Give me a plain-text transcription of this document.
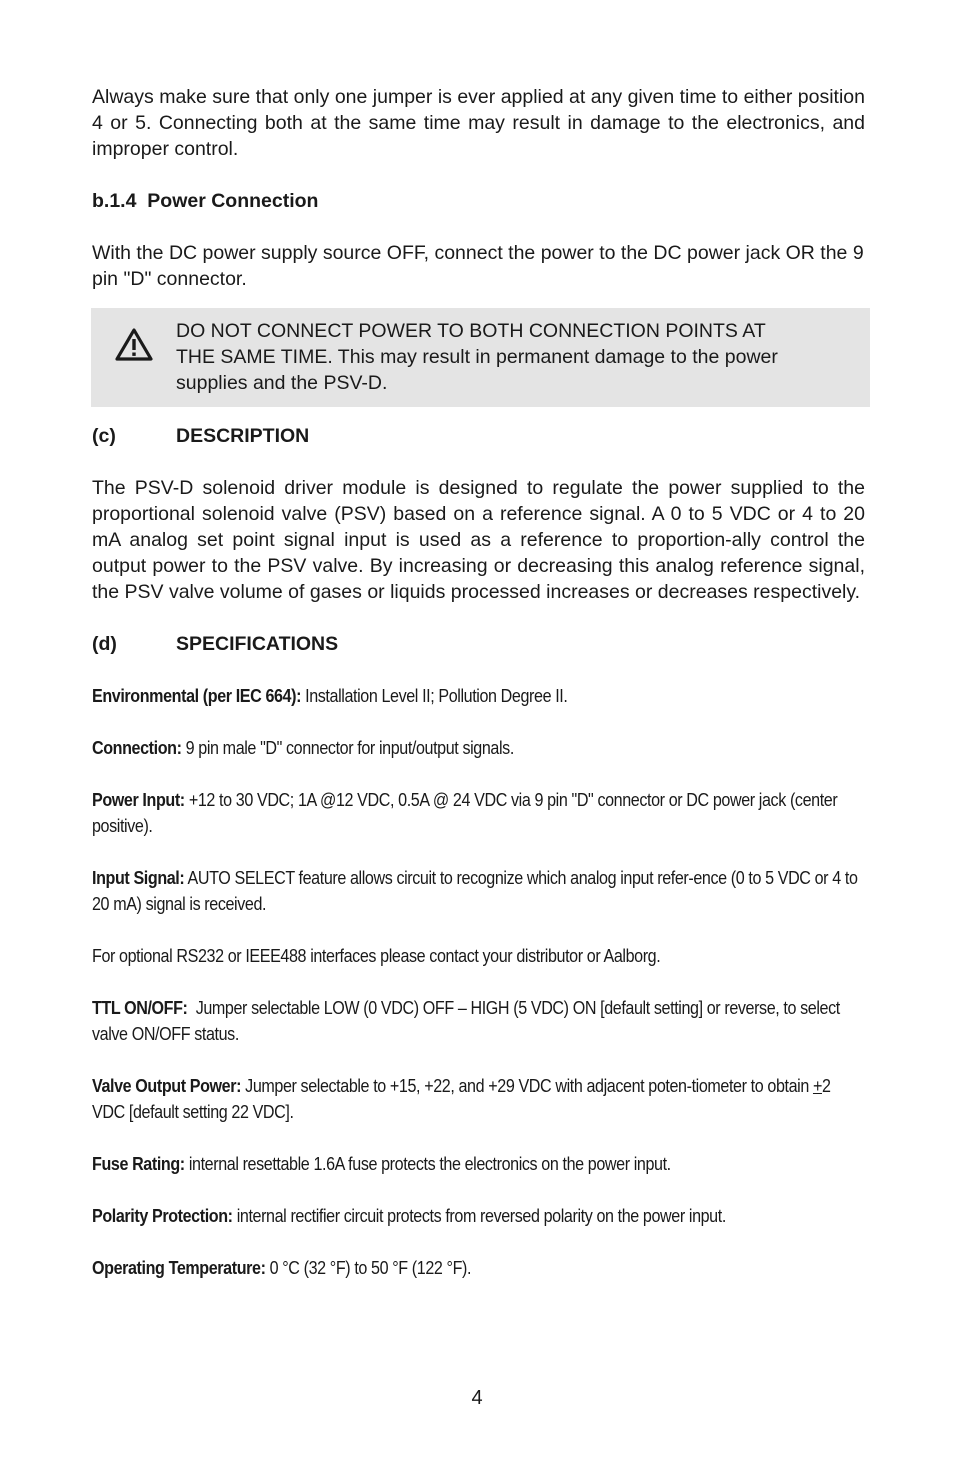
Always make sure that only one jumper is ever applied at any given time to either position 4 or 5. Connecting both at the same time may result in damage to the electronics, and improper control.

b.1.4 Power Connection

With the DC power supply source OFF, connect the power to the DC power jack OR the 9 pin "D" connector.

DO NOT CONNECT POWER TO BOTH CONNECTION POINTS AT
THE SAME TIME. This may result in permanent damage to the power
supplies and the PSV-D.

(c)	DESCRIPTION

The PSV-D solenoid driver module is designed to regulate the power supplied to the proportional solenoid valve (PSV) based on a reference signal. A 0 to 5 VDC or 4 to 20 mA analog set point signal input is used as a reference to proportion-ally control the output power to the PSV valve. By increasing or decreasing this analog reference signal, the PSV valve volume of gases or liquids processed increases or decreases respectively.

(d)	SPECIFICATIONS

Environmental (per IEC 664): Installation Level II; Pollution Degree II.

Connection: 9 pin male "D" connector for input/output signals.

Power Input: +12 to 30 VDC; 1A @12 VDC, 0.5A @ 24 VDC via 9 pin "D" connector or DC power jack (center positive).

Input Signal: AUTO SELECT feature allows circuit to recognize which analog input refer-ence (0 to 5 VDC or 4 to 20 mA) signal is received.

For optional RS232 or IEEE488 interfaces please contact your distributor or Aalborg.

TTL ON/OFF:  Jumper selectable LOW (0 VDC) OFF – HIGH (5 VDC) ON [default setting] or reverse, to select valve ON/OFF status.

Valve Output Power: Jumper selectable to +15, +22, and +29 VDC with adjacent poten-tiometer to obtain +2 VDC [default setting 22 VDC].

Fuse Rating: internal resettable 1.6A fuse protects the electronics on the power input.

Polarity Protection: internal rectifier circuit protects from reversed polarity on the power input.

Operating Temperature: 0 °C (32 °F) to 50 °F (122 °F).

4
